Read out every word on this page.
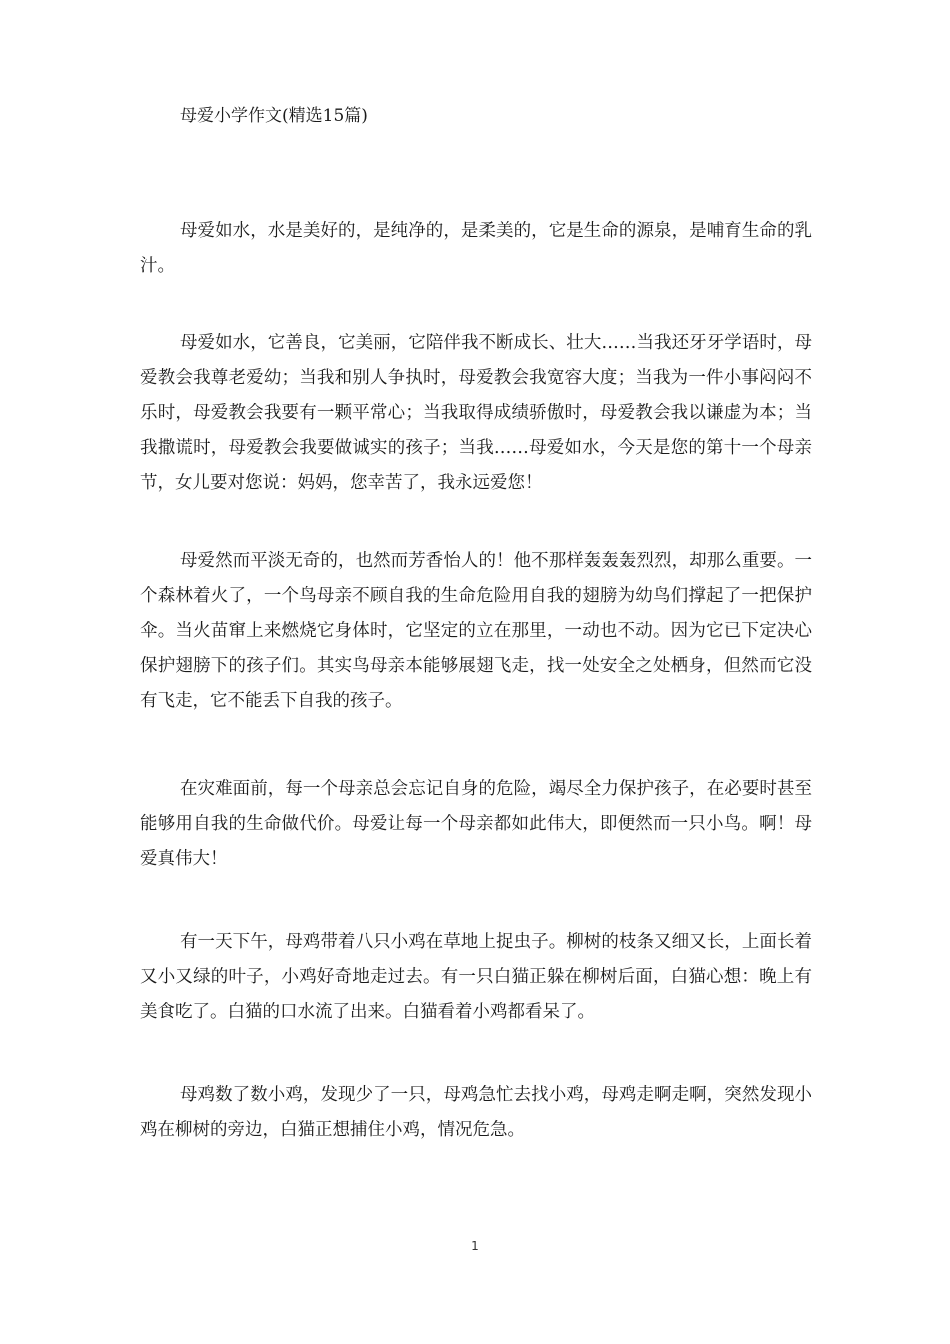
母爱小学作文(精选15篇)

母爱如水，水是美好的，是纯净的，是柔美的，它是生命的源泉，是哺育生命的乳汁。

母爱如水，它善良，它美丽，它陪伴我不断成长、壮大……当我还牙牙学语时，母爱教会我尊老爱幼；当我和别人争执时，母爱教会我宽容大度；当我为一件小事闷闷不乐时，母爱教会我要有一颗平常心；当我取得成绩骄傲时，母爱教会我以谦虚为本；当我撒谎时，母爱教会我要做诚实的孩子；当我……母爱如水，今天是您的第十一个母亲节，女儿要对您说：妈妈，您幸苦了，我永远爱您！

母爱然而平淡无奇的，也然而芳香怡人的！他不那样轰轰轰烈烈，却那么重要。一个森林着火了，一个鸟母亲不顾自我的生命危险用自我的翅膀为幼鸟们撑起了一把保护伞。当火苗窜上来燃烧它身体时，它坚定的立在那里，一动也不动。因为它已下定决心保护翅膀下的孩子们。其实鸟母亲本能够展翅飞走，找一处安全之处栖身，但然而它没有飞走，它不能丢下自我的孩子。

在灾难面前，每一个母亲总会忘记自身的危险，竭尽全力保护孩子，在必要时甚至能够用自我的生命做代价。母爱让每一个母亲都如此伟大，即便然而一只小鸟。啊！母爱真伟大！

有一天下午，母鸡带着八只小鸡在草地上捉虫子。柳树的枝条又细又长，上面长着又小又绿的叶子，小鸡好奇地走过去。有一只白猫正躲在柳树后面，白猫心想：晚上有美食吃了。白猫的口水流了出来。白猫看着小鸡都看呆了。

母鸡数了数小鸡，发现少了一只，母鸡急忙去找小鸡，母鸡走啊走啊，突然发现小鸡在柳树的旁边，白猫正想捕住小鸡，情况危急。

1
